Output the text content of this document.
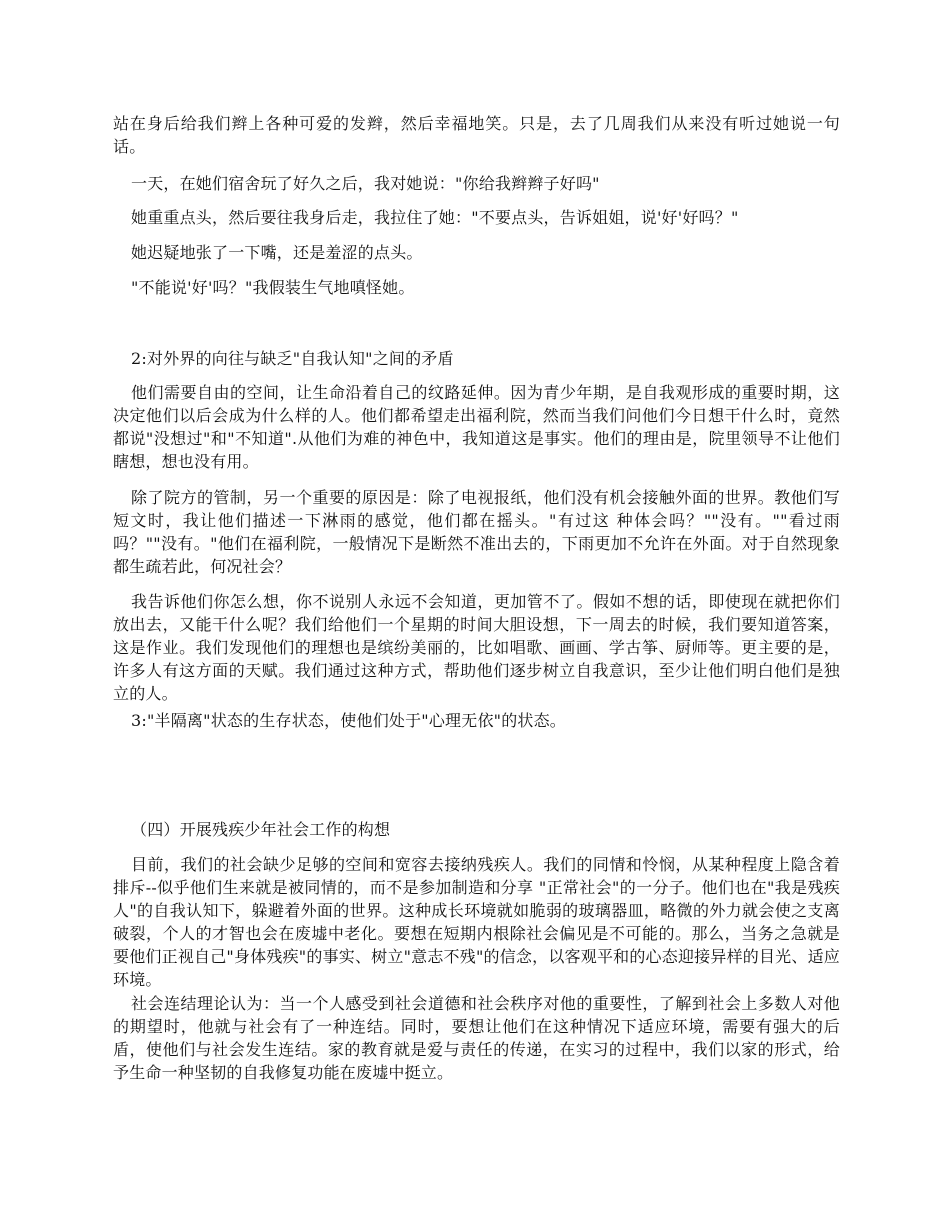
站在身后给我们辫上各种可爱的发辫，然后幸福地笑。只是，去了几周我们从来没有听过她说一句话。

一天，在她们宿舍玩了好久之后，我对她说："你给我辫辫子好吗"

她重重点头，然后要往我身后走，我拉住了她："不要点头，告诉姐姐，说'好'好吗？"

她迟疑地张了一下嘴，还是羞涩的点头。

"不能说'好'吗？"我假装生气地嗔怪她。

2:对外界的向往与缺乏"自我认知"之间的矛盾

他们需要自由的空间，让生命沿着自己的纹路延伸。因为青少年期，是自我观形成的重要时期，这决定他们以后会成为什么样的人。他们都希望走出福利院，然而当我们问他们今日想干什么时，竟然都说"没想过"和"不知道".从他们为难的神色中，我知道这是事实。他们的理由是，院里领导不让他们瞎想，想也没有用。

除了院方的管制，另一个重要的原因是：除了电视报纸，他们没有机会接触外面的世界。教他们写短文时，我让他们描述一下淋雨的感觉，他们都在摇头。"有过这 种体会吗？""没有。""看过雨吗？""没有。"他们在福利院，一般情况下是断然不准出去的，下雨更加不允许在外面。对于自然现象都生疏若此，何况社会？

我告诉他们你怎么想，你不说别人永远不会知道，更加管不了。假如不想的话，即使现在就把你们放出去，又能干什么呢？我们给他们一个星期的时间大胆设想，下一周去的时候，我们要知道答案，这是作业。我们发现他们的理想也是缤纷美丽的，比如唱歌、画画、学古筝、厨师等。更主要的是，许多人有这方面的天赋。我们通过这种方式，帮助他们逐步树立自我意识，至少让他们明白他们是独立的人。

3:"半隔离"状态的生存状态，使他们处于"心理无依"的状态。

（四）开展残疾少年社会工作的构想

目前，我们的社会缺少足够的空间和宽容去接纳残疾人。我们的同情和怜悯，从某种程度上隐含着排斥--似乎他们生来就是被同情的，而不是参加制造和分享 "正常社会"的一分子。他们也在"我是残疾人"的自我认知下，躲避着外面的世界。这种成长环境就如脆弱的玻璃器皿，略微的外力就会使之支离破裂，个人的才智也会在废墟中老化。要想在短期内根除社会偏见是不可能的。那么，当务之急就是要他们正视自己"身体残疾"的事实、树立"意志不残"的信念，以客观平和的心态迎接异样的目光、适应环境。

社会连结理论认为：当一个人感受到社会道德和社会秩序对他的重要性，了解到社会上多数人对他的期望时，他就与社会有了一种连结。同时，要想让他们在这种情况下适应环境，需要有强大的后盾，使他们与社会发生连结。家的教育就是爱与责任的传递，在实习的过程中，我们以家的形式，给予生命一种坚韧的自我修复功能在废墟中挺立。
